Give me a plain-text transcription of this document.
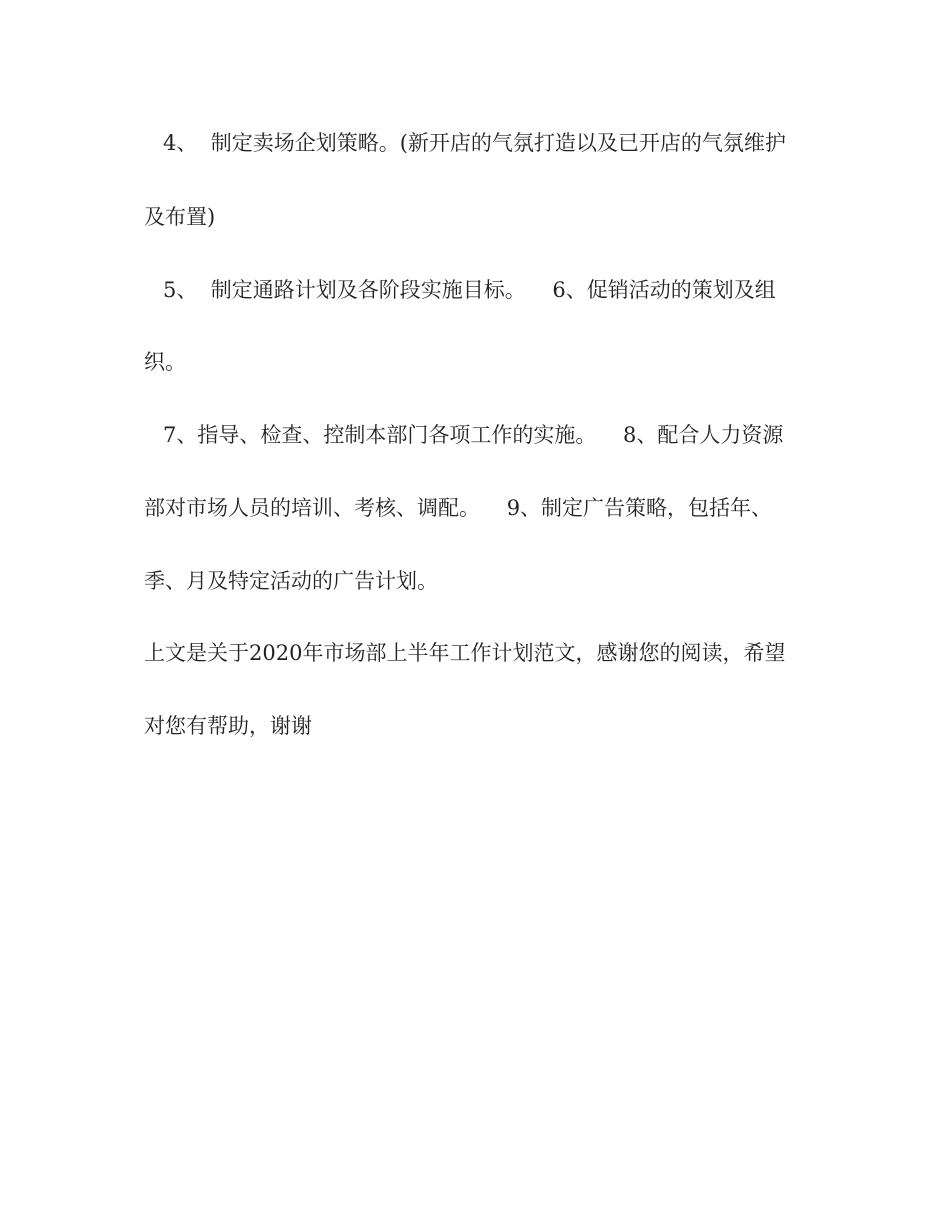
4、  制定卖场企划策略。(新开店的气氛打造以及已开店的气氛维护
及布置)
5、  制定通路计划及各阶段实施目标。    6、促销活动的策划及组
织。
7、指导、检查、控制本部门各项工作的实施。    8、配合人力资源
部对市场人员的培训、考核、调配。    9、制定广告策略，包括年、
季、月及特定活动的广告计划。
上文是关于2020年市场部上半年工作计划范文，感谢您的阅读，希望
对您有帮助，谢谢
